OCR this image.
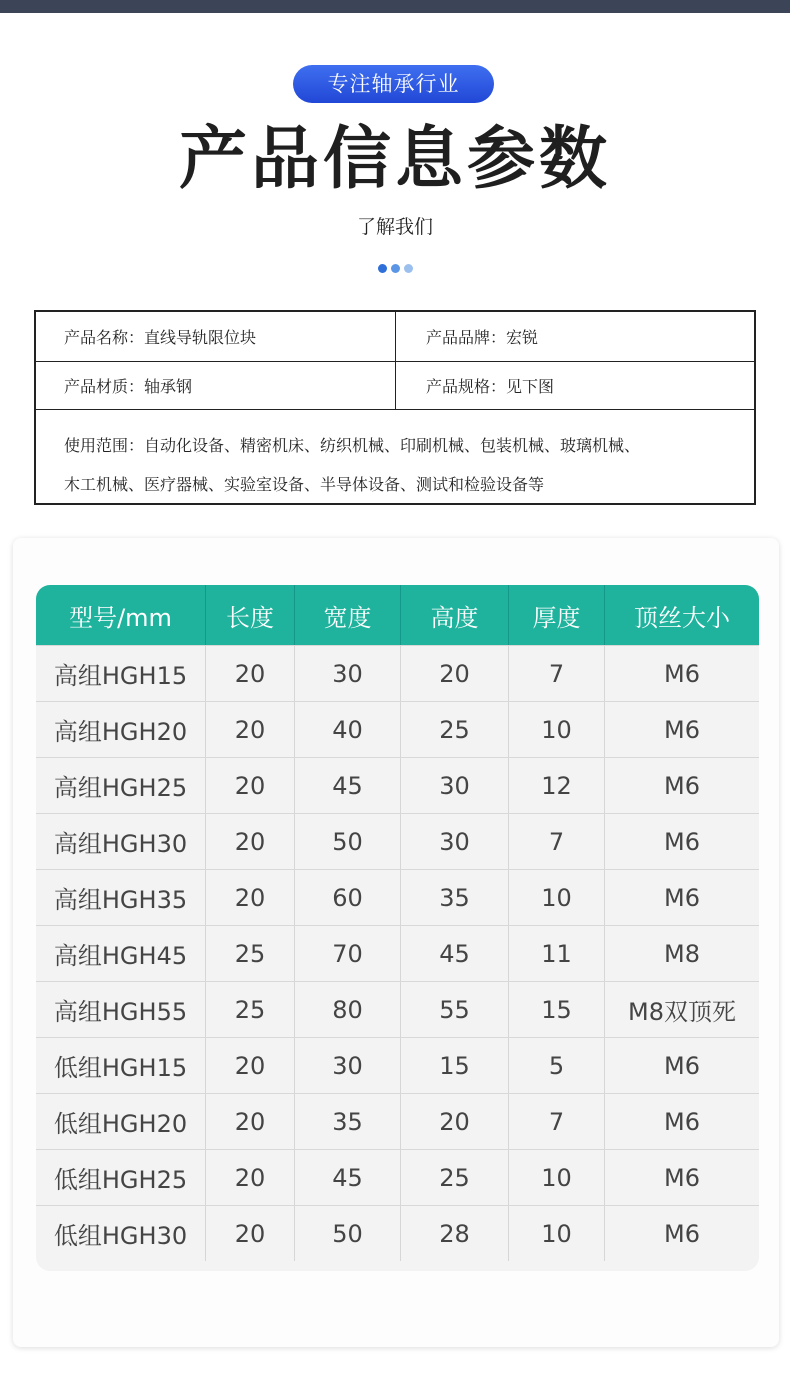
专注轴承行业
产品信息参数
了解我们
产品名称：直线导轨限位块	产品品牌：宏锐
产品材质：轴承钢	产品规格：见下图
使用范围：自动化设备、精密机床、纺织机械、印刷机械、包装机械、玻璃机械、
木工机械、医疗器械、实验室设备、半导体设备、测试和检验设备等
型号/mm	长度	宽度	高度	厚度	顶丝大小
高组HGH15	20	30	20	7	M6
高组HGH20	20	40	25	10	M6
高组HGH25	20	45	30	12	M6
高组HGH30	20	50	30	7	M6
高组HGH35	20	60	35	10	M6
高组HGH45	25	70	45	11	M8
高组HGH55	25	80	55	15	M8双顶死
低组HGH15	20	30	15	5	M6
低组HGH20	20	35	20	7	M6
低组HGH25	20	45	25	10	M6
低组HGH30	20	50	28	10	M6
